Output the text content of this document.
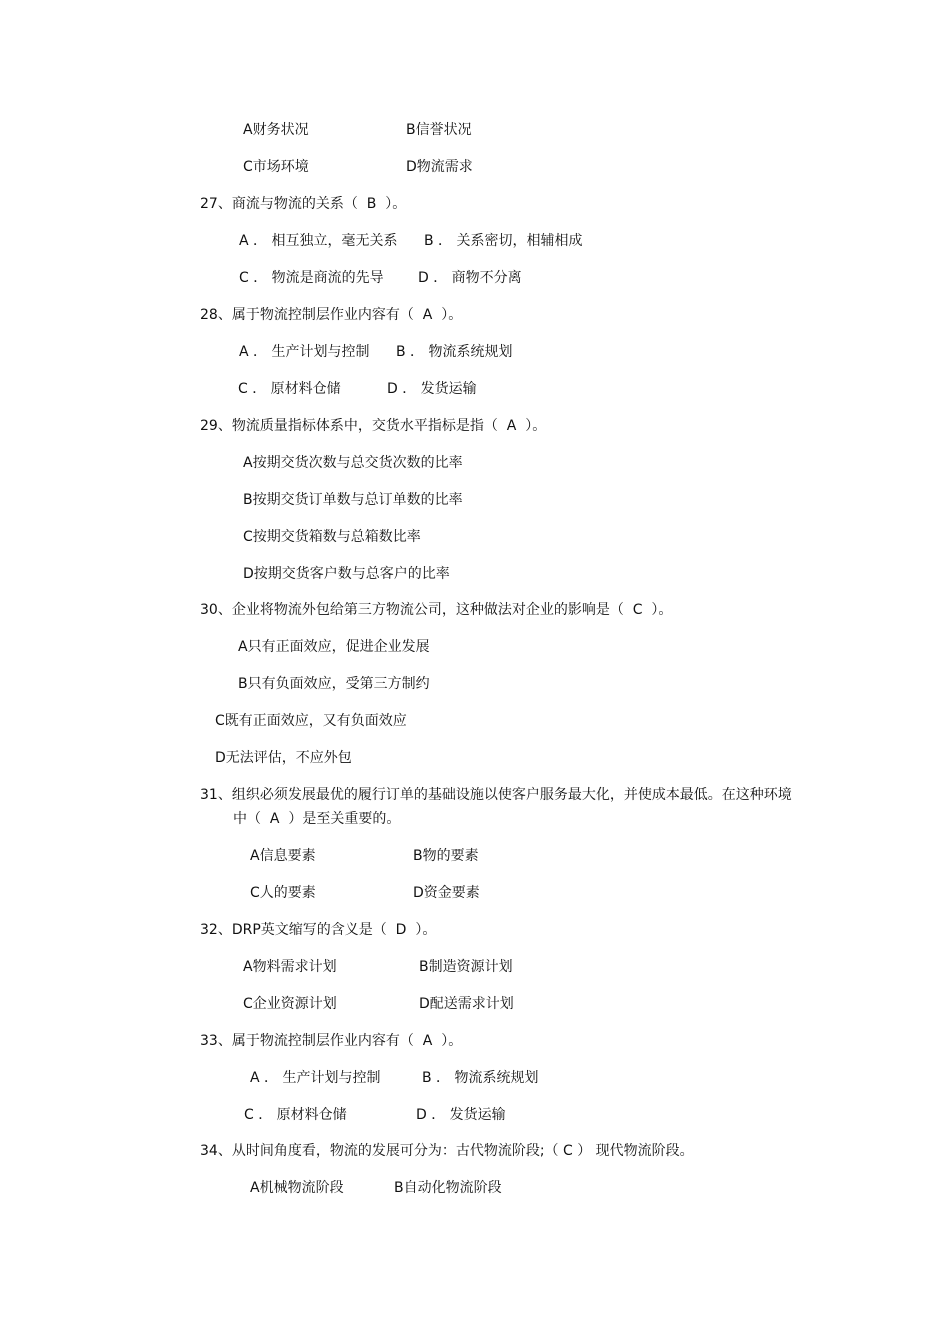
A财务状况	B信誉状况
C市场环境	D物流需求
27、商流与物流的关系（  B  ）。
A ． 相互独立，毫无关系 B ． 关系密切，相辅相成
C ． 物流是商流的先导 D ． 商物不分离
28、属于物流控制层作业内容有（  A  ）。
A ． 生产计划与控制 B ． 物流系统规划
C ． 原材料仓储	D ． 发货运输
29、物流质量指标体系中，交货水平指标是指（  A  ）。
A按期交货次数与总交货次数的比率
B按期交货订单数与总订单数的比率
C按期交货箱数与总箱数比率
D按期交货客户数与总客户的比率
30、企业将物流外包给第三方物流公司，这种做法对企业的影响是（  C  ）。
A只有正面效应，促进企业发展
B只有负面效应，受第三方制约
C既有正面效应，又有负面效应
D无法评估，不应外包
31、组织必须发展最优的履行订单的基础设施以使客户服务最大化，并使成本最低。在这种环境
中（  A  ）是至关重要的。
A信息要素	B物的要素
C人的要素	D资金要素
32、DRP英文缩写的含义是（  D  ）。
A物料需求计划	B制造资源计划
C企业资源计划	D配送需求计划
33、属于物流控制层作业内容有（  A  ）。
A ． 生产计划与控制	B ． 物流系统规划
C ． 原材料仓储	D ． 发货运输
34、从时间角度看，物流的发展可分为：古代物流阶段;（ C ） 现代物流阶段。
A机械物流阶段	B自动化物流阶段
